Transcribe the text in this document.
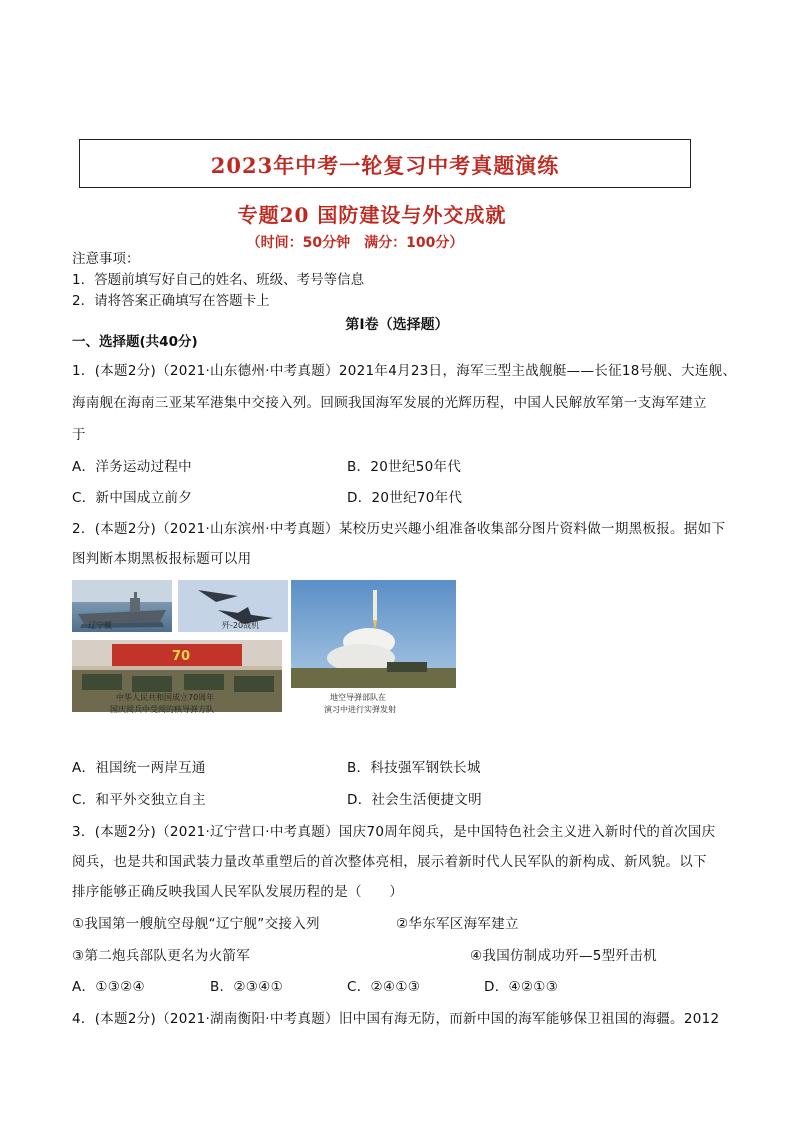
2023年中考一轮复习中考真题演练
专题20 国防建设与外交成就
（时间：50分钟　满分：100分）
注意事项：
1．答题前填写好自己的姓名、班级、考号等信息
2．请将答案正确填写在答题卡上
第I卷（选择题）
一、选择题(共40分)
1．(本题2分)（2021·山东德州·中考真题）2021年4月23日，海军三型主战舰艇——长征18号舰、大连舰、
海南舰在海南三亚某军港集中交接入列。回顾我国海军发展的光辉历程，中国人民解放军第一支海军建立
于
A．洋务运动过程中	B．20世纪50年代
C．新中国成立前夕	D．20世纪70年代
2．(本题2分)（2021·山东滨州·中考真题）某校历史兴趣小组准备收集部分图片资料做一期黑板报。据如下
图判断本期黑板报标题可以用
70
辽宁舰	歼-20战机
中华人民共和国成立70周年
国庆阅兵中受阅的核导弹方队
地空导弹部队在
演习中进行实弹发射
A．祖国统一两岸互通	B．科技强军钢铁长城
C．和平外交独立自主	D．社会生活便捷文明
3．(本题2分)（2021·辽宁营口·中考真题）国庆70周年阅兵，是中国特色社会主义进入新时代的首次国庆
阅兵，也是共和国武装力量改革重塑后的首次整体亮相，展示着新时代人民军队的新构成、新风貌。以下
排序能够正确反映我国人民军队发展历程的是（　　）
①我国第一艘航空母舰“辽宁舰”交接入列	②华东军区海军建立
③第二炮兵部队更名为火箭军	④我国仿制成功歼—5型歼击机
A．①③②④	B．②③④①	C．②④①③	D．④②①③
4．(本题2分)（2021·湖南衡阳·中考真题）旧中国有海无防，而新中国的海军能够保卫祖国的海疆。2012
